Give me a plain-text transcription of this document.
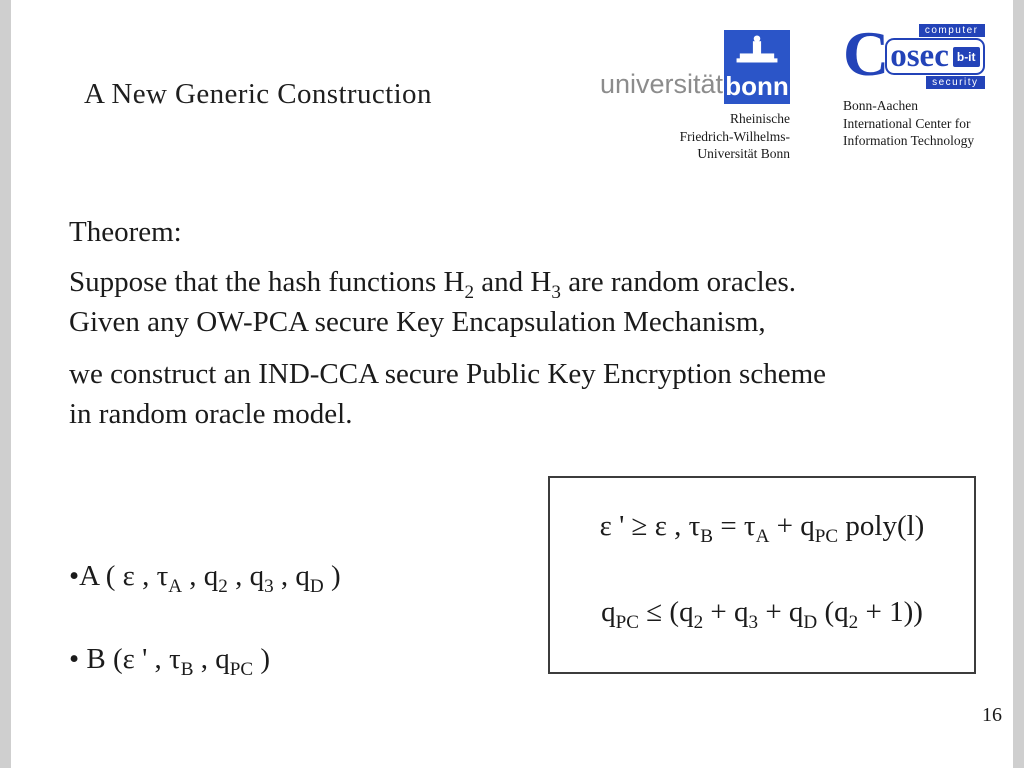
A New Generic Construction	universität bonn
Rheinische
Friedrich-Wilhelms-
Universität Bonn
C	computer
osec b-it
security
Bonn-Aachen
International Center for
Information Technology
Theorem:
Suppose that the hash functions $H_2$ and $H_3$ are random oracles.
Given any OW-PCA secure Key Encapsulation Mechanism,
we construct an IND-CCA secure Public Key Encryption scheme
in random oracle model.
•A ( ε , $\tau_A$ , $q_2$ , $q_3$ , $q_D$ )
• B (ε ' , $\tau_B$ , $q_{PC}$ )
ε ' ≥ ε , $\tau_B = \tau_A + q_{PC}$ poly(l)
$q_{PC} \le (q_2 + q_3 + q_D$ $(q_2 + 1)$)
16
